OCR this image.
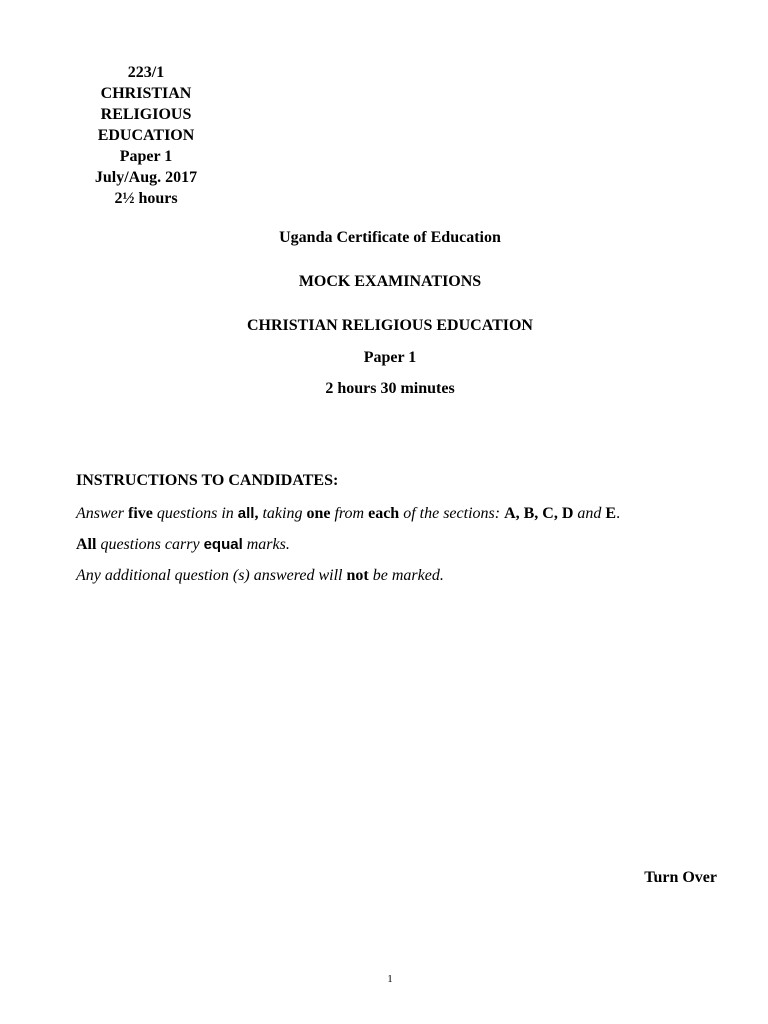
223/1
CHRISTIAN
RELIGIOUS
EDUCATION
Paper 1
July/Aug. 2017
2½ hours
Uganda Certificate of Education
MOCK EXAMINATIONS
CHRISTIAN RELIGIOUS EDUCATION
Paper 1
2 hours 30 minutes

INSTRUCTIONS TO CANDIDATES:

Answer five questions in all, taking one from each of the sections: A, B, C, D and E.

All questions carry equal marks.

Any additional question (s) answered will not be marked.

Turn Over
1
